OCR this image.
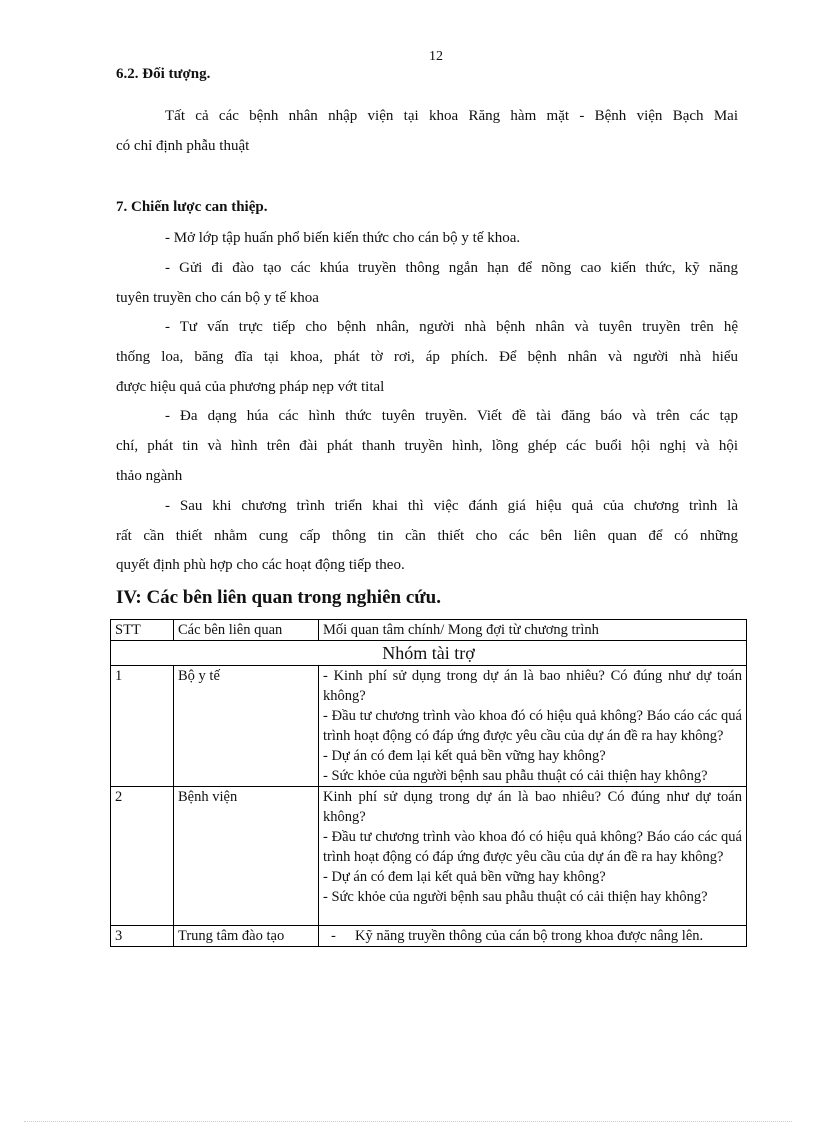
12
6.2. Đối tượng.
Tất cả các bệnh nhân nhập viện tại khoa Răng hàm mặt - Bệnh viện Bạch Mai
có chỉ định phẫu thuật
7. Chiến lược can thiệp.
- Mở lớp tập huấn phổ biến kiến thức cho cán bộ y tế khoa.
- Gửi đi đào tạo các khúa truyền thông ngắn hạn để nõng cao kiến thức, kỹ năng
tuyên truyền cho cán bộ y tế khoa
- Tư vấn trực tiếp cho bệnh nhân, người nhà bệnh nhân và tuyên truyền trên hệ
thống loa, băng đĩa tại khoa, phát tờ rơi, áp phích. Để bệnh nhân và người nhà hiểu
được hiệu quả của phương pháp nẹp vớt tital
- Đa dạng húa các hình thức tuyên truyền. Viết đề tài đăng báo và trên các tạp
chí, phát tin và hình trên đài phát thanh truyền hình, lồng ghép các buổi hội nghị và hội
thảo ngành
- Sau khi chương trình triển khai thì việc đánh giá hiệu quả của chương trình là
rất cần thiết nhằm cung cấp thông tin cần thiết cho các bên liên quan để có những
quyết định phù hợp cho các hoạt động tiếp theo.
IV: Các bên liên quan trong nghiên cứu.
STT	Các bên liên quan	Mối quan tâm chính/ Mong đợi từ chương trình
Nhóm tài trợ		
1	Bộ y tế	- Kinh phí sử dụng trong dự án là bao nhiêu? Có đúng như dự toán không?
- Đầu tư chương trình vào khoa đó có hiệu quả không? Báo cáo các quá trình hoạt động có đáp ứng được yêu cầu của dự án đề ra hay không?
- Dự án có đem lại kết quả bền vững hay không?
- Sức khỏe của người bệnh sau phẫu thuật có cải thiện hay không?

2	Bệnh viện	Kinh phí sử dụng trong dự án là bao nhiêu? Có đúng như dự toán không?
- Đầu tư chương trình vào khoa đó có hiệu quả không? Báo cáo các quá trình hoạt động có đáp ứng được yêu cầu của dự án đề ra hay không?
- Dự án có đem lại kết quả bền vững hay không?
- Sức khỏe của người bệnh sau phẫu thuật có cải thiện hay không?

3	Trung tâm đào tạo	- Kỹ năng truyền thông của cán bộ trong khoa được nâng lên.
